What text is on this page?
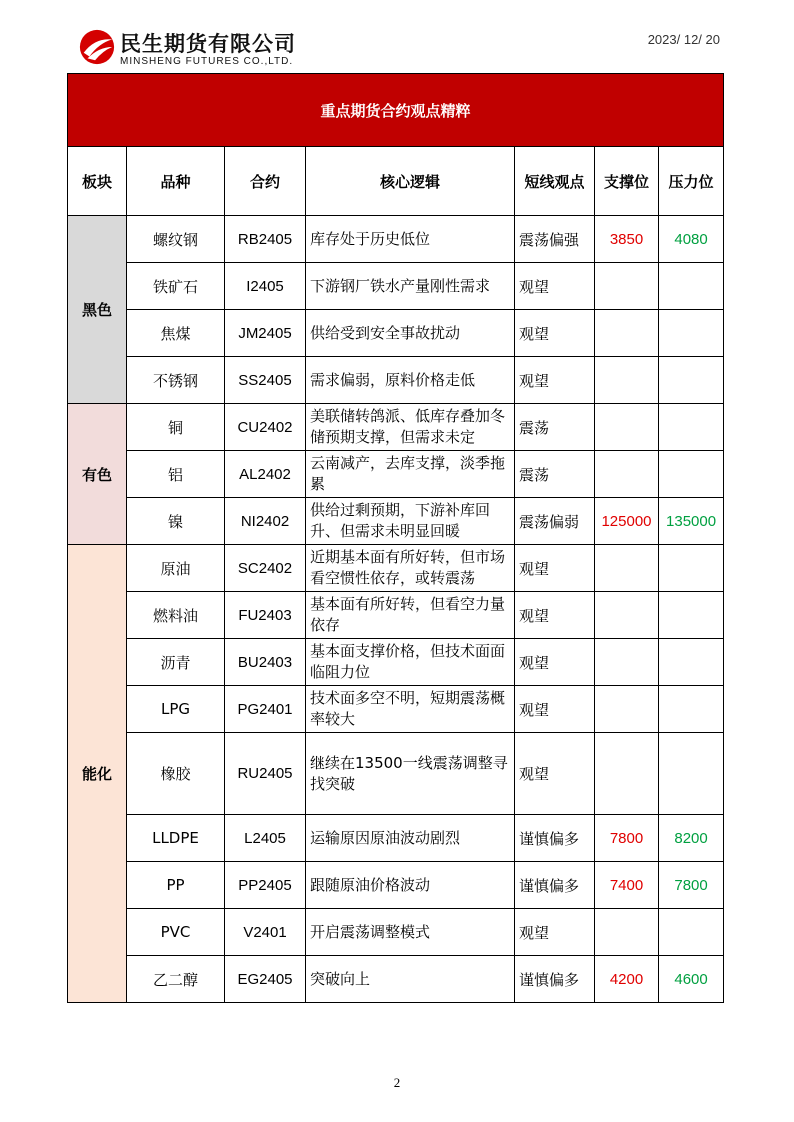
民生期货有限公司
MINSHENG FUTURES CO.,LTD.
2023/ 12/ 20
重点期货合约观点精粹						
板块	品种	合约	核心逻辑	短线观点	支撑位	压力位
黑色	螺纹钢	RB2405	库存处于历史低位	震荡偏强	3850	4080
	铁矿石	I2405	下游钢厂铁水产量刚性需求	观望		
	焦煤	JM2405	供给受到安全事故扰动	观望		
	不锈钢	SS2405	需求偏弱，原料价格走低	观望		
有色	铜	CU2402	美联储转鸽派、低库存叠加冬储预期支撑，但需求未定	震荡		
	铝	AL2402	云南减产，去库支撑，淡季拖累	震荡		
	镍	NI2402	供给过剩预期，下游补库回升、但需求未明显回暖	震荡偏弱	125000	135000
能化	原油	SC2402	近期基本面有所好转，但市场看空惯性依存，或转震荡	观望		
	燃料油	FU2403	基本面有所好转，但看空力量依存	观望		
	沥青	BU2403	基本面支撑价格，但技术面面临阻力位	观望		
	LPG	PG2401	技术面多空不明，短期震荡概率较大	观望		
	橡胶	RU2405	继续在13500一线震荡调整寻找突破	观望		
	LLDPE	L2405	运输原因原油波动剧烈	谨慎偏多	7800	8200
	PP	PP2405	跟随原油价格波动	谨慎偏多	7400	7800
	PVC	V2401	开启震荡调整模式	观望		
	乙二醇	EG2405	突破向上	谨慎偏多	4200	4600
2
